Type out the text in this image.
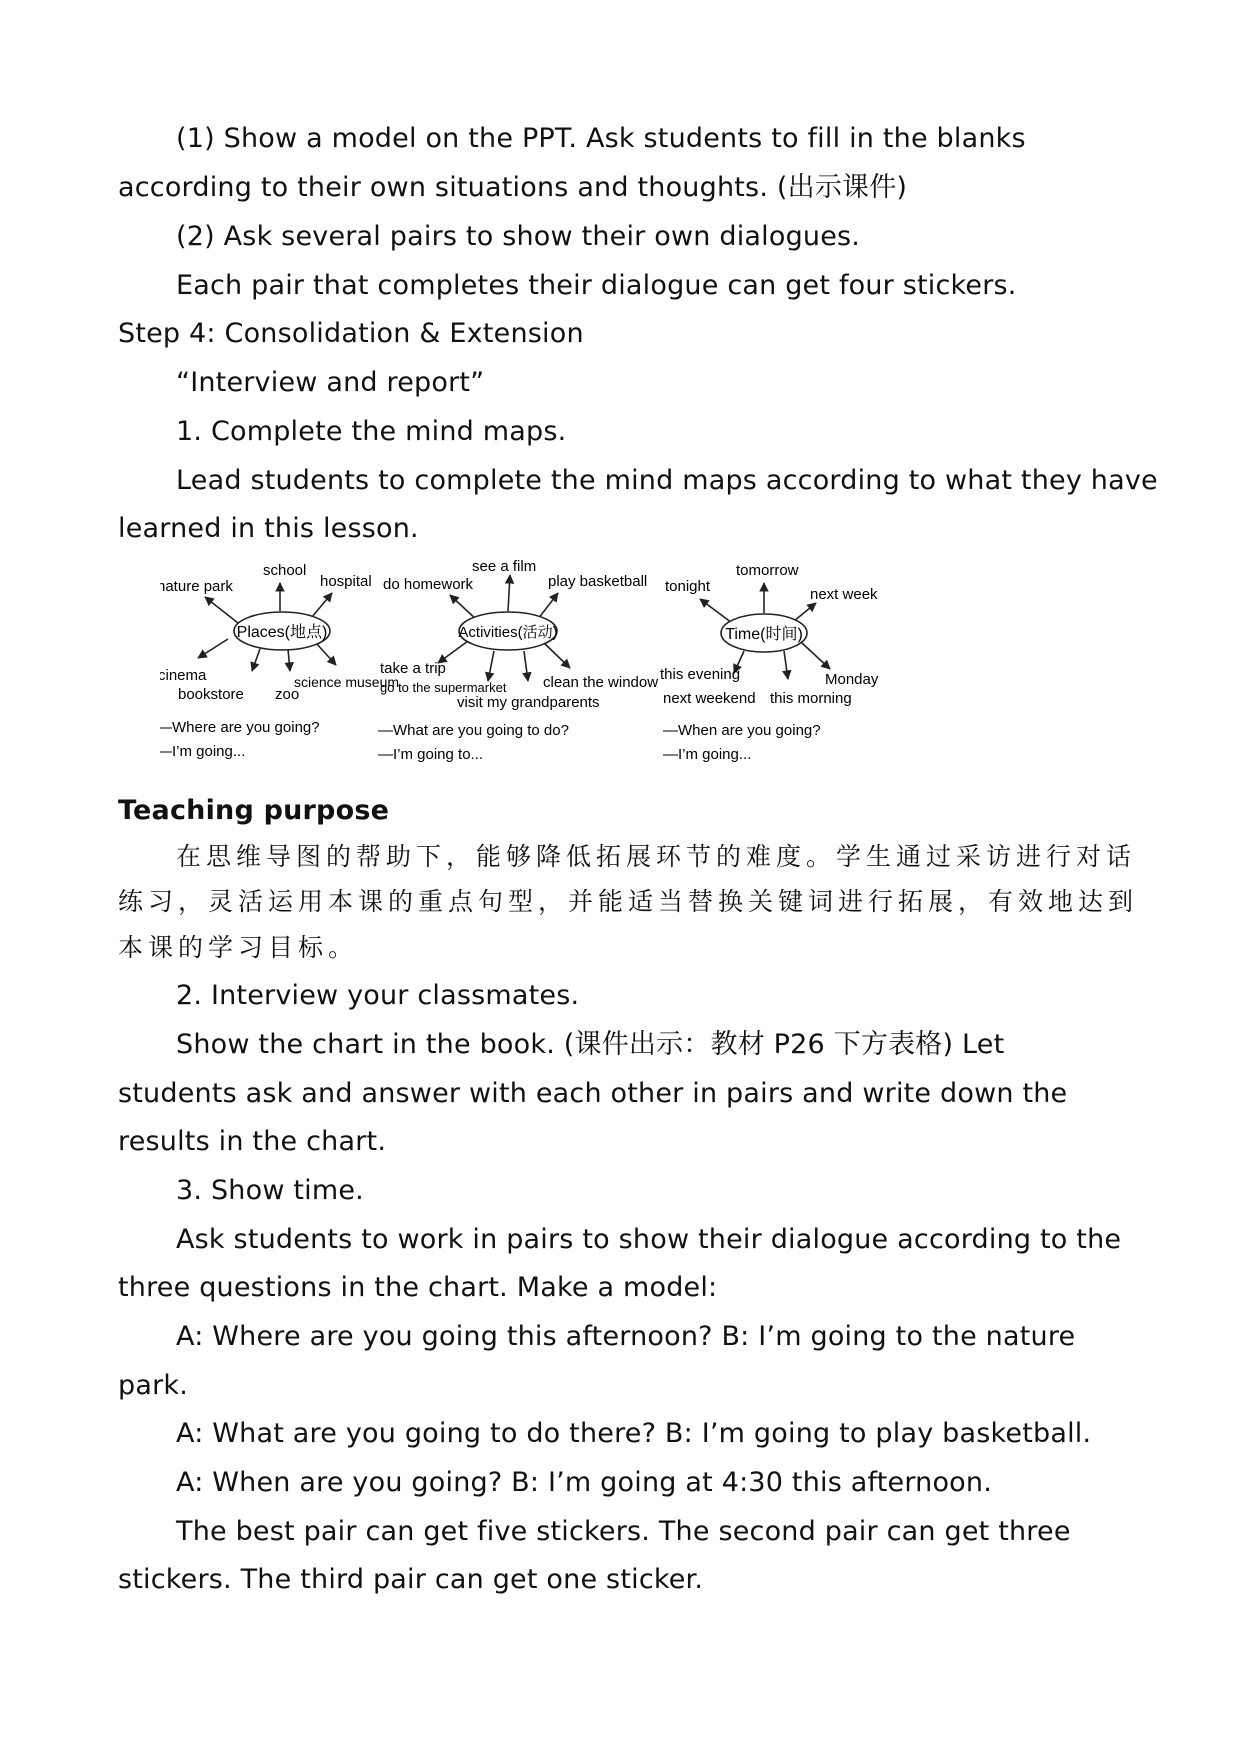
(1) Show a model on the PPT. Ask students to fill in the blanks
according to their own situations and thoughts. (出示课件)
(2) Ask several pairs to show their own dialogues.
Each pair that completes their dialogue can get four stickers.
Step 4: Consolidation & Extension
“Interview and report”
1. Complete the mind maps.
Lead students to complete the mind maps according to what they have
learned in this lesson.
Places(地点)
nature park
school
hospital
cinema
bookstore zoo
science museum
—Where are you going?
—I’m going...
Activities(活动)
do homework
see a film
play basketball
take a trip
go to the supermarket clean the window
visit my grandparents
—What are you going to do?
—I’m going to...
Time(时间)
tonight
tomorrow
next week
this evening
next weekend this morning
Monday
—When are you going?
—I’m going...
Teaching purpose
在思维导图的帮助下，能够降低拓展环节的难度。学生通过采访进行对话
练习，灵活运用本课的重点句型，并能适当替换关键词进行拓展，有效地达到
本课的学习目标。
2. Interview your classmates.
Show the chart in the book. (课件出示：教材 P26 下方表格) Let
students ask and answer with each other in pairs and write down the
results in the chart.
3. Show time.
Ask students to work in pairs to show their dialogue according to the
three questions in the chart. Make a model:
A: Where are you going this afternoon? B: I’m going to the nature
park.
A: What are you going to do there? B: I’m going to play basketball.
A: When are you going? B: I’m going at 4:30 this afternoon.
The best pair can get five stickers. The second pair can get three
stickers. The third pair can get one sticker.
